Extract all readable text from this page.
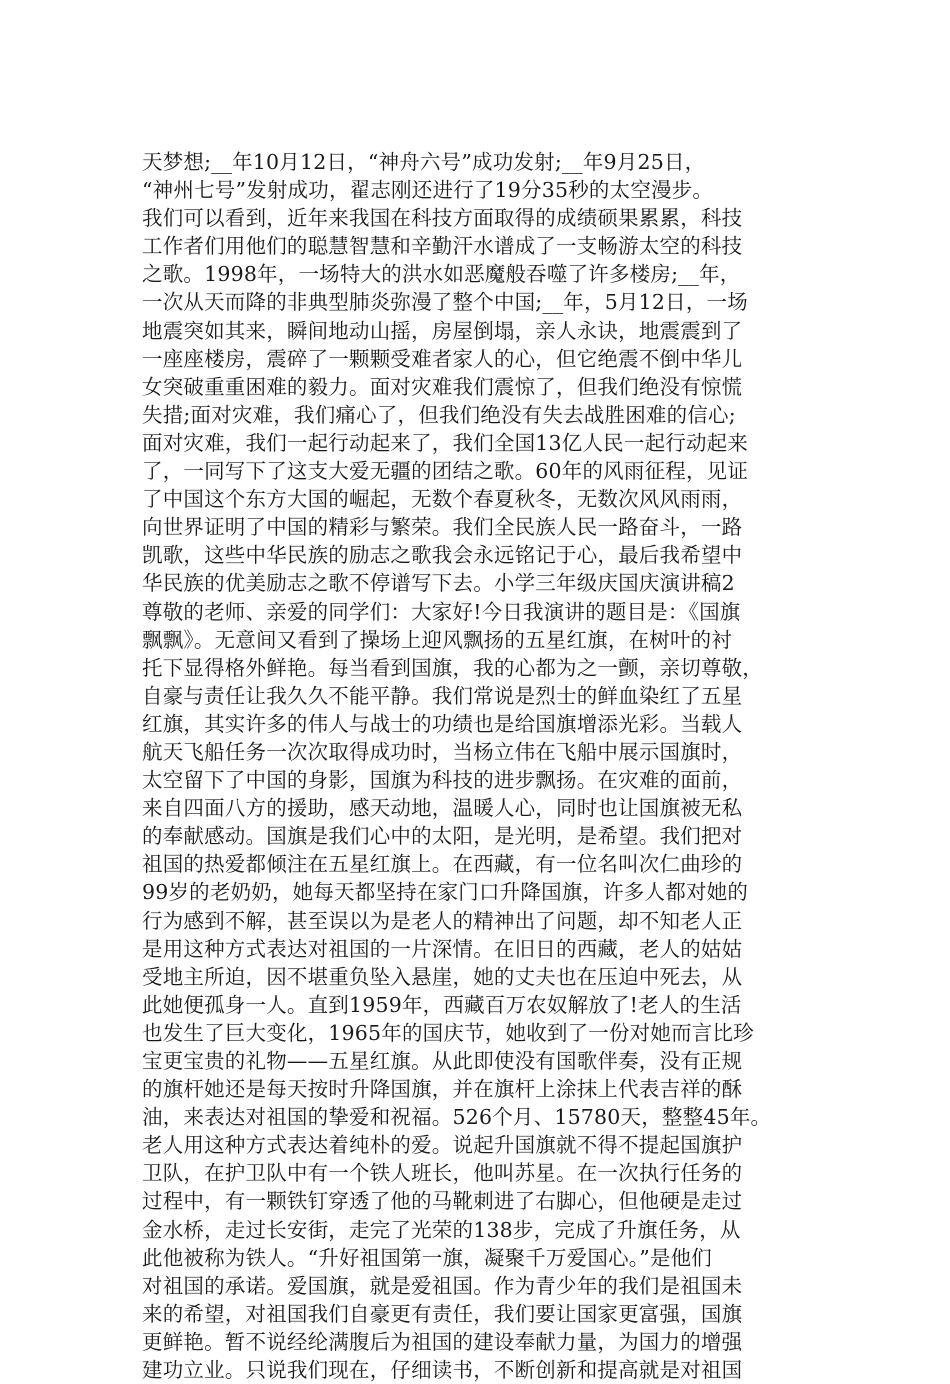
天梦想;__年10月12日，“神舟六号”成功发射;__年9月25日，
“神州七号”发射成功，翟志刚还进行了19分35秒的太空漫步。
我们可以看到，近年来我国在科技方面取得的成绩硕果累累，科技
工作者们用他们的聪慧智慧和辛勤汗水谱成了一支畅游太空的科技
之歌。1998年，一场特大的洪水如恶魔般吞噬了许多楼房;__年，
一次从天而降的非典型肺炎弥漫了整个中国;__年，5月12日，一场
地震突如其来，瞬间地动山摇，房屋倒塌，亲人永诀，地震震到了
一座座楼房，震碎了一颗颗受难者家人的心，但它绝震不倒中华儿
女突破重重困难的毅力。面对灾难我们震惊了，但我们绝没有惊慌
失措;面对灾难，我们痛心了，但我们绝没有失去战胜困难的信心;
面对灾难，我们一起行动起来了，我们全国13亿人民一起行动起来
了，一同写下了这支大爱无疆的团结之歌。60年的风雨征程，见证
了中国这个东方大国的崛起，无数个春夏秋冬，无数次风风雨雨，
向世界证明了中国的精彩与繁荣。我们全民族人民一路奋斗，一路
凯歌，这些中华民族的励志之歌我会永远铭记于心，最后我希望中
华民族的优美励志之歌不停谱写下去。小学三年级庆国庆演讲稿2
尊敬的老师、亲爱的同学们：大家好!今日我演讲的题目是：《国旗
飘飘》。无意间又看到了操场上迎风飘扬的五星红旗，在树叶的衬
托下显得格外鲜艳。每当看到国旗，我的心都为之一颤，亲切尊敬，
自豪与责任让我久久不能平静。我们常说是烈士的鲜血染红了五星
红旗，其实许多的伟人与战士的功绩也是给国旗增添光彩。当载人
航天飞船任务一次次取得成功时，当杨立伟在飞船中展示国旗时，
太空留下了中国的身影，国旗为科技的进步飘扬。在灾难的面前，
来自四面八方的援助，感天动地，温暖人心，同时也让国旗被无私
的奉献感动。国旗是我们心中的太阳，是光明，是希望。我们把对
祖国的热爱都倾注在五星红旗上。在西藏，有一位名叫次仁曲珍的
99岁的老奶奶，她每天都坚持在家门口升降国旗，许多人都对她的
行为感到不解，甚至误以为是老人的精神出了问题，却不知老人正
是用这种方式表达对祖国的一片深情。在旧日的西藏，老人的姑姑
受地主所迫，因不堪重负坠入悬崖，她的丈夫也在压迫中死去，从
此她便孤身一人。直到1959年，西藏百万农奴解放了!老人的生活
也发生了巨大变化，1965年的国庆节，她收到了一份对她而言比珍
宝更宝贵的礼物——五星红旗。从此即使没有国歌伴奏，没有正规
的旗杆她还是每天按时升降国旗，并在旗杆上涂抹上代表吉祥的酥
油，来表达对祖国的挚爱和祝福。526个月、15780天，整整45年。
老人用这种方式表达着纯朴的爱。说起升国旗就不得不提起国旗护
卫队，在护卫队中有一个铁人班长，他叫苏星。在一次执行任务的
过程中，有一颗铁钉穿透了他的马靴刺进了右脚心，但他硬是走过
金水桥，走过长安街，走完了光荣的138步，完成了升旗任务，从
此他被称为铁人。“升好祖国第一旗，凝聚千万爱国心。”是他们
对祖国的承诺。爱国旗，就是爱祖国。作为青少年的我们是祖国未
来的希望，对祖国我们自豪更有责任，我们要让国家更富强，国旗
更鲜艳。暂不说经纶满腹后为祖国的建设奉献力量，为国力的增强
建功立业。只说我们现在，仔细读书，不断创新和提高就是对祖国
